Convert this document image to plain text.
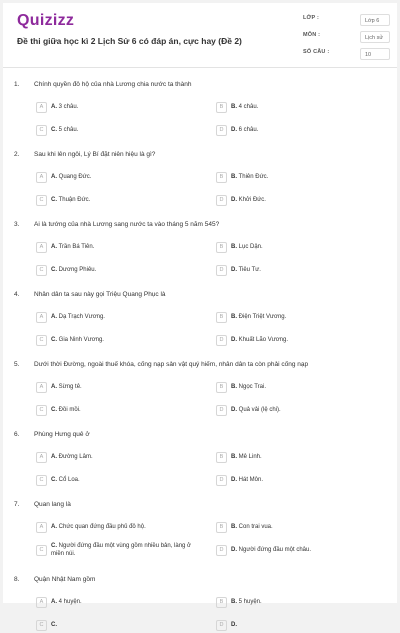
Quizizz
Đề thi giữa học kì 2 Lịch Sử 6 có đáp án, cực hay (Đề 2)
LỚP :	Lớp 6
MÔN :	Lịch sử
SỐ CÂU :	10
1. Chính quyền đô hộ của nhà Lương chia nước ta thành
A	A. 3 châu.	B	B. 4 châu.
C	C. 5 châu.	D	D. 6 châu.
2. Sau khi lên ngôi, Lý Bí đặt niên hiệu là gì?
A	A. Quang Đức.	B	B. Thiên Đức.
C	C. Thuận Đức.	D	D. Khởi Đức.
3. Ai là tướng của nhà Lương sang nước ta vào tháng 5 năm 545?
A	A. Trần Bá Tiên.	B	B. Lục Dận.
C	C. Dương Phiêu.	D	D. Tiêu Tư.
4. Nhân dân ta sau này gọi Triệu Quang Phục là
A	A. Dạ Trạch Vương.	B	B. Điện Triệt Vương.
C	C. Gia Ninh Vương.	D	D. Khuất Lão Vương.
5. Dưới thời Đường, ngoài thuế khóa, cống nạp sản vật quý hiếm, nhân dân ta còn phải cống nạp
A	A. Sừng tê.	B	B. Ngọc Trai.
C	C. Đồi mồi.	D	D. Quả vải (lệ chi).
6. Phùng Hưng quê ở
A	A. Đường Lâm.	B	B. Mê Linh.
C	C. Cổ Loa.	D	D. Hát Môn.
7. Quan lang là
A	A. Chức quan đứng đầu phủ đô hộ.	B	B. Con trai vua.
C
C. Người đứng đầu một vùng gồm nhiều bản, làng ở miền núi.
D	D. Người đứng đầu một châu.
8. Quận Nhật Nam gồm
A	A. 4 huyện.	B	B. 5 huyện.
C	C.	D	D.
